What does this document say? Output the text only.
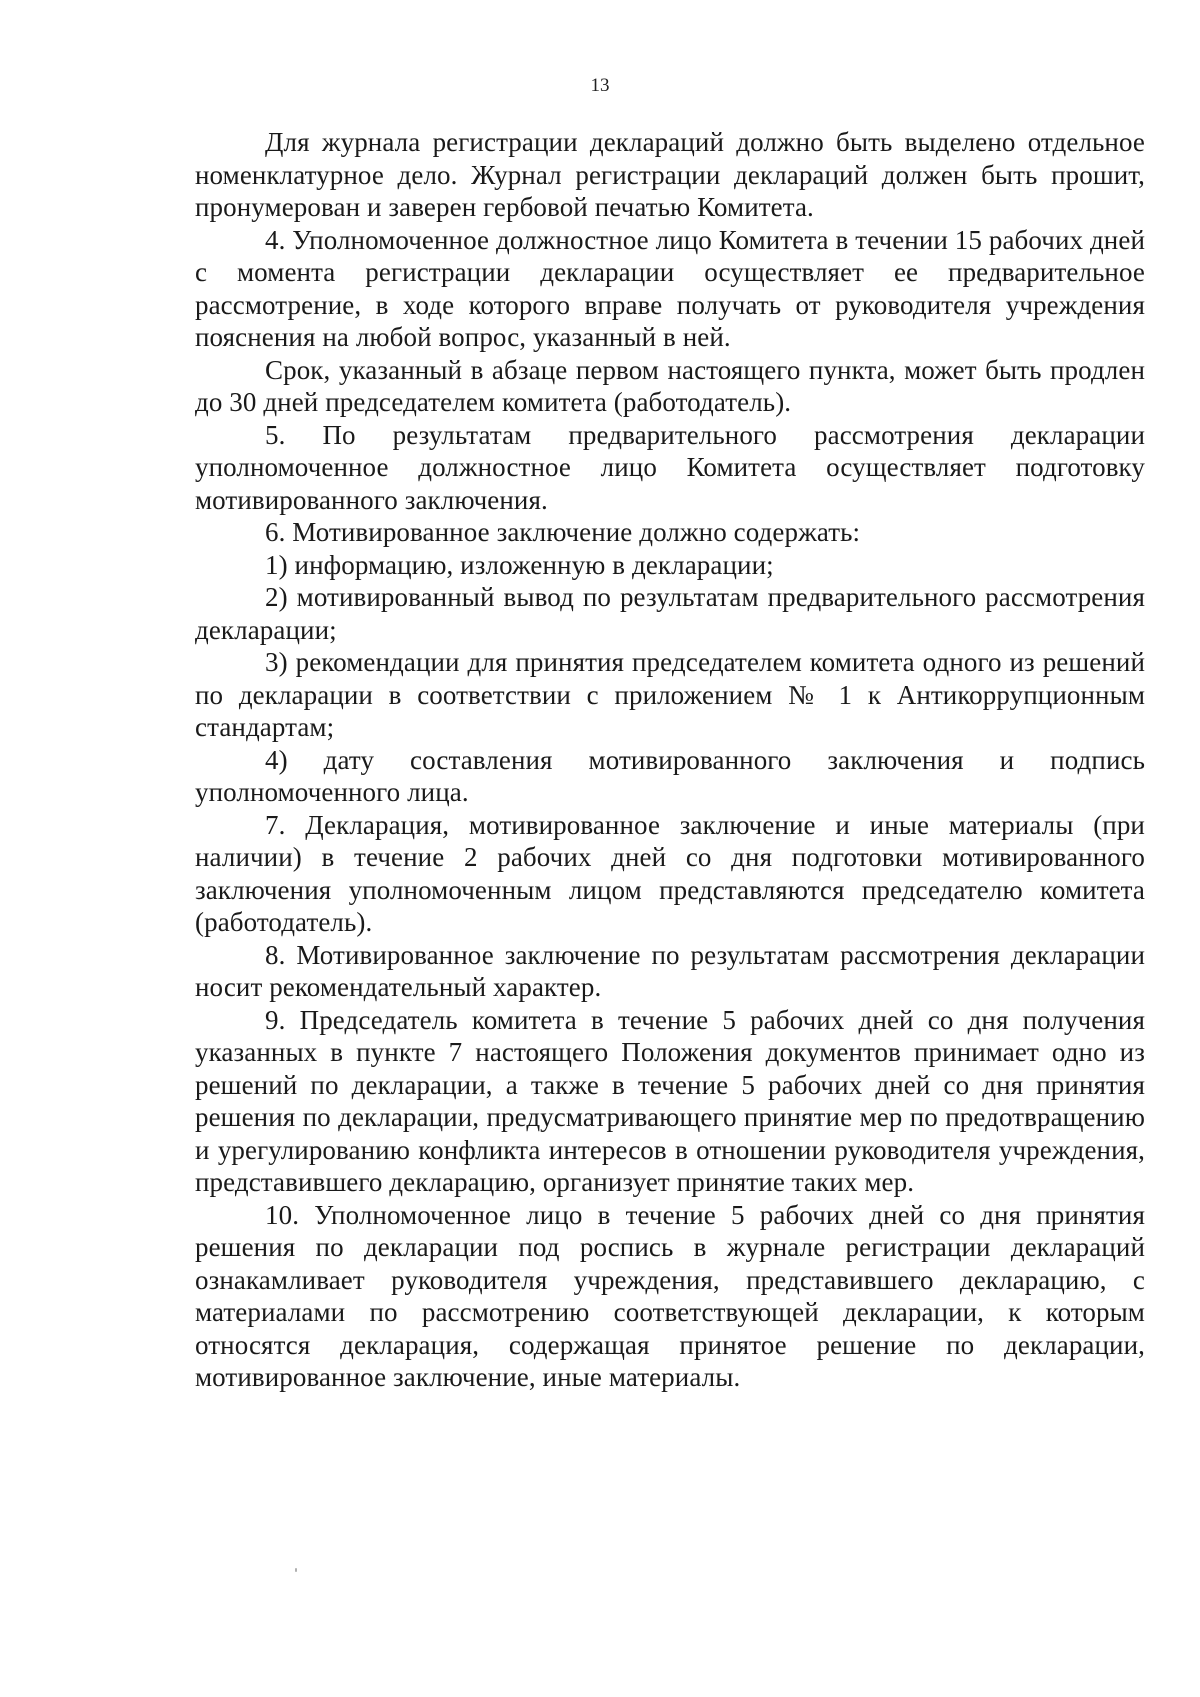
13

Для журнала регистрации деклараций должно быть выделено отдельное номенклатурное дело. Журнал регистрации деклараций должен быть прошит, пронумерован и заверен гербовой печатью Комитета.

4. Уполномоченное должностное лицо Комитета в течении 15 рабочих дней с момента регистрации декларации осуществляет ее предварительное рассмотрение, в ходе которого вправе получать от руководителя учреждения пояснения на любой вопрос, указанный в ней.

Срок, указанный в абзаце первом настоящего пункта, может быть продлен до 30 дней председателем комитета (работодатель).

5. По результатам предварительного рассмотрения декларации уполномоченное должностное лицо Комитета осуществляет подготовку мотивированного заключения.

6. Мотивированное заключение должно содержать:

1) информацию, изложенную в декларации;

2) мотивированный вывод по результатам предварительного рассмотрения декларации;

3) рекомендации для принятия председателем комитета одного из решений по декларации в соответствии с приложением № 1 к Антикоррупционным стандартам;

4) дату составления мотивированного заключения и подпись уполномоченного лица.

7. Декларация, мотивированное заключение и иные материалы (при наличии) в течение 2 рабочих дней со дня подготовки мотивированного заключения уполномоченным лицом представляются председателю комитета (работодатель).

8. Мотивированное заключение по результатам рассмотрения декларации носит рекомендательный характер.

9. Председатель комитета в течение 5 рабочих дней со дня получения указанных в пункте 7 настоящего Положения документов принимает одно из решений по декларации, а также в течение 5 рабочих дней со дня принятия решения по декларации, предусматривающего принятие мер по предотвращению и урегулированию конфликта интересов в отношении руководителя учреждения, представившего декларацию, организует принятие таких мер.

10. Уполномоченное лицо в течение 5 рабочих дней со дня принятия решения по декларации под роспись в журнале регистрации деклараций ознакамливает руководителя учреждения, представившего декларацию, с материалами по рассмотрению соответствующей декларации, к которым относятся декларация, содержащая принятое решение по декларации, мотивированное заключение, иные материалы.
